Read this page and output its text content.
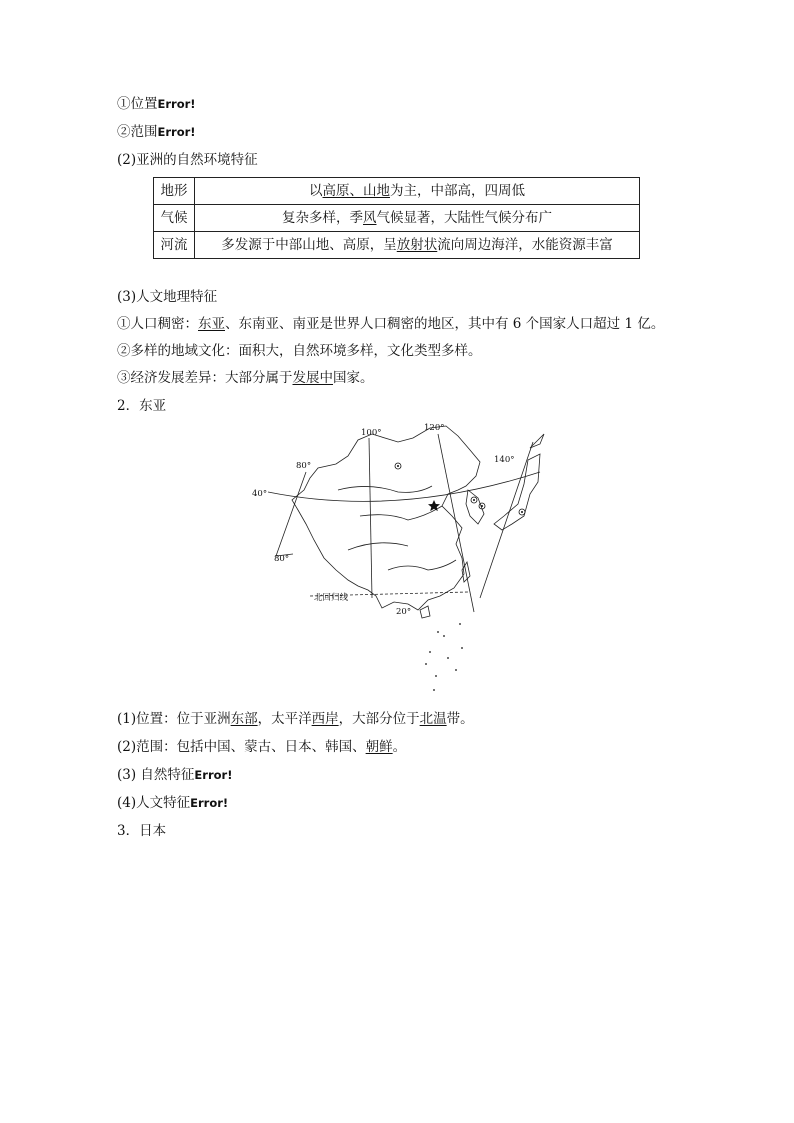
①位置Error!
②范围Error!
(2)亚洲的自然环境特征
地形	以高原、山地为主，中部高，四周低
气候	复杂多样，季风气候显著，大陆性气候分布广
河流	多发源于中部山地、高原，呈放射状流向周边海洋，水能资源丰富
(3)人文地理特征
①人口稠密：东亚、东南亚、南亚是世界人口稠密的地区，其中有 6 个国家人口超过 1 亿。
②多样的地域文化：面积大，自然环境多样，文化类型多样。
③经济发展差异：大部分属于发展中国家。
2．东亚
100°	120°
140°
80°
80°
40°
20°
北回归线
(1)位置：位于亚洲东部，太平洋西岸，大部分位于北温带。
(2)范围：包括中国、蒙古、日本、韩国、朝鲜。
(3) 自然特征Error!
(4)人文特征Error!
3．日本
